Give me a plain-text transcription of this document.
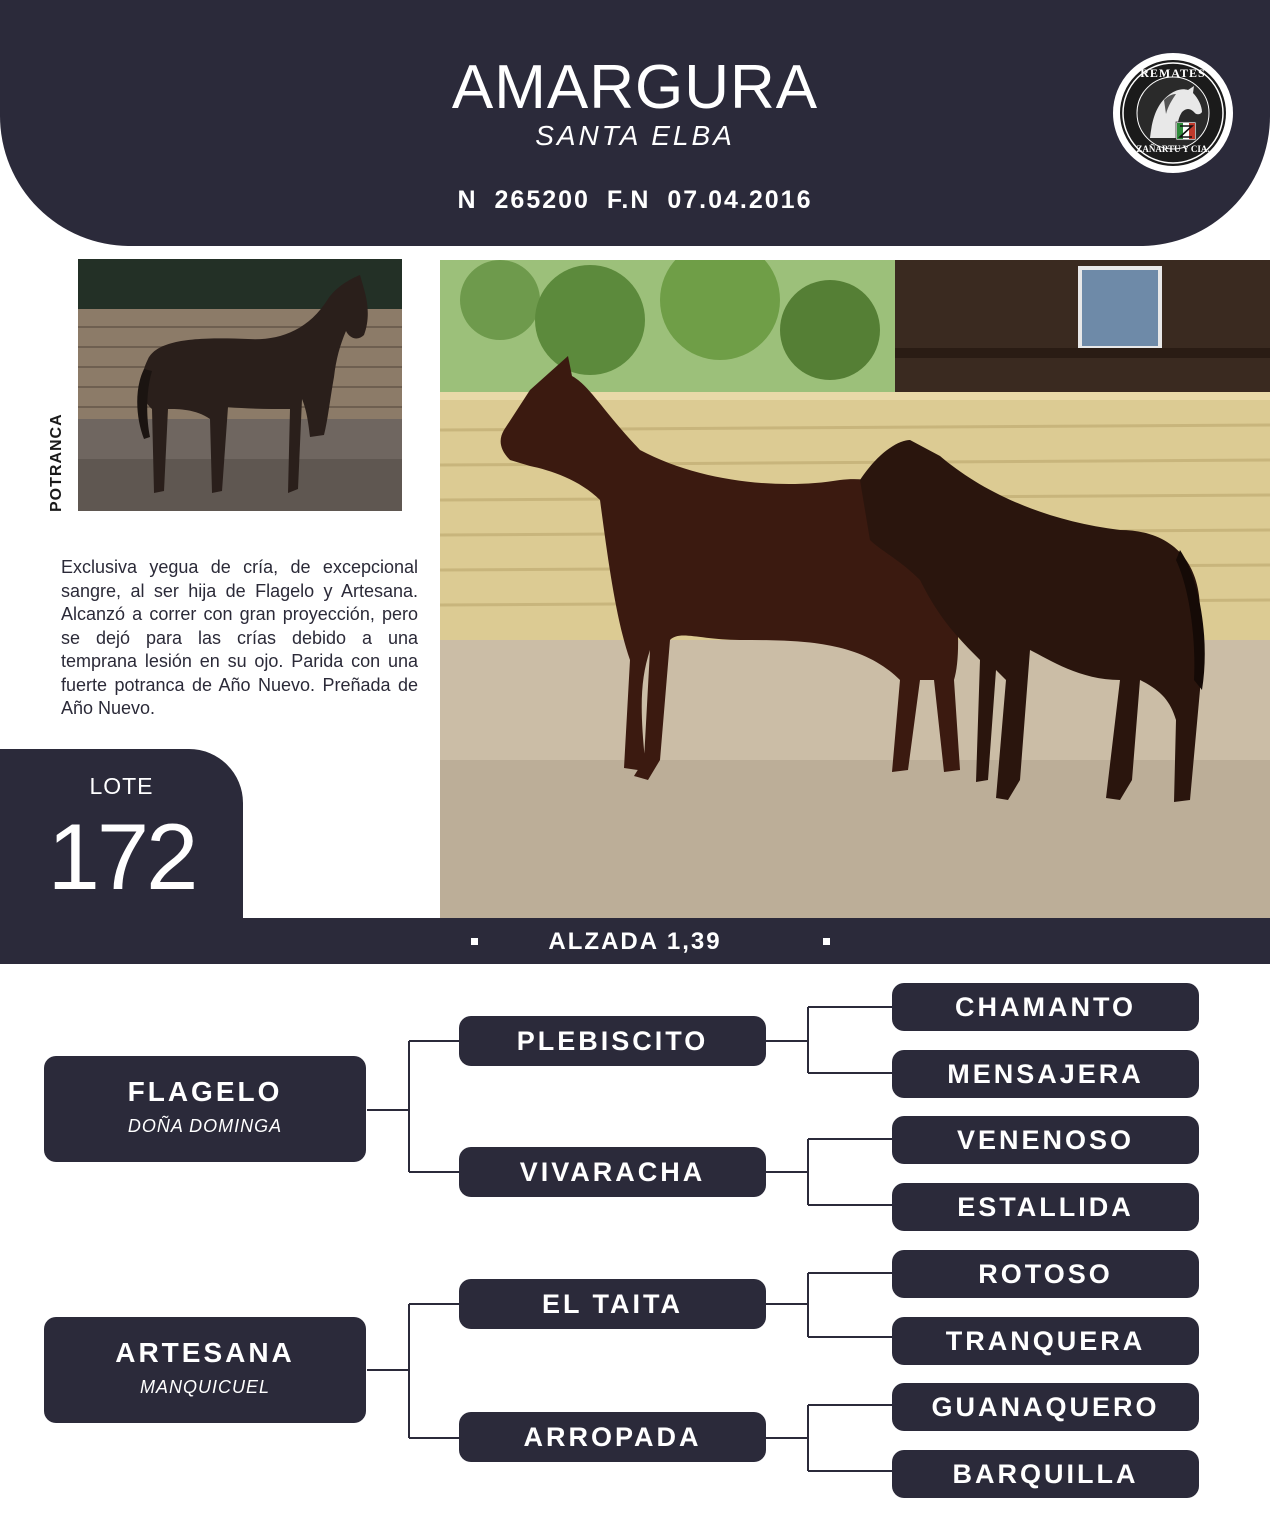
AMARGURA
SANTA ELBA
N 265200 F.N 07.04.2016
REMATES
ZAÑARTU Y CIA.
POTRANCA
Exclusiva yegua de cría, de excepcional sangre, al ser hija de Flagelo y Artesana. Alcanzó a correr con gran proyección, pero se dejó para las crías debido a una temprana lesión en su ojo. Parida con una fuerte potranca de Año Nuevo. Preñada de Año Nuevo.
LOTE
172
ALZADA 1,39
FLAGELO
DOÑA DOMINGA
ARTESANA
MANQUICUEL
PLEBISCITO
VIVARACHA
EL TAITA
ARROPADA
CHAMANTO
MENSAJERA
VENENOSO
ESTALLIDA
ROTOSO
TRANQUERA
GUANAQUERO
BARQUILLA
